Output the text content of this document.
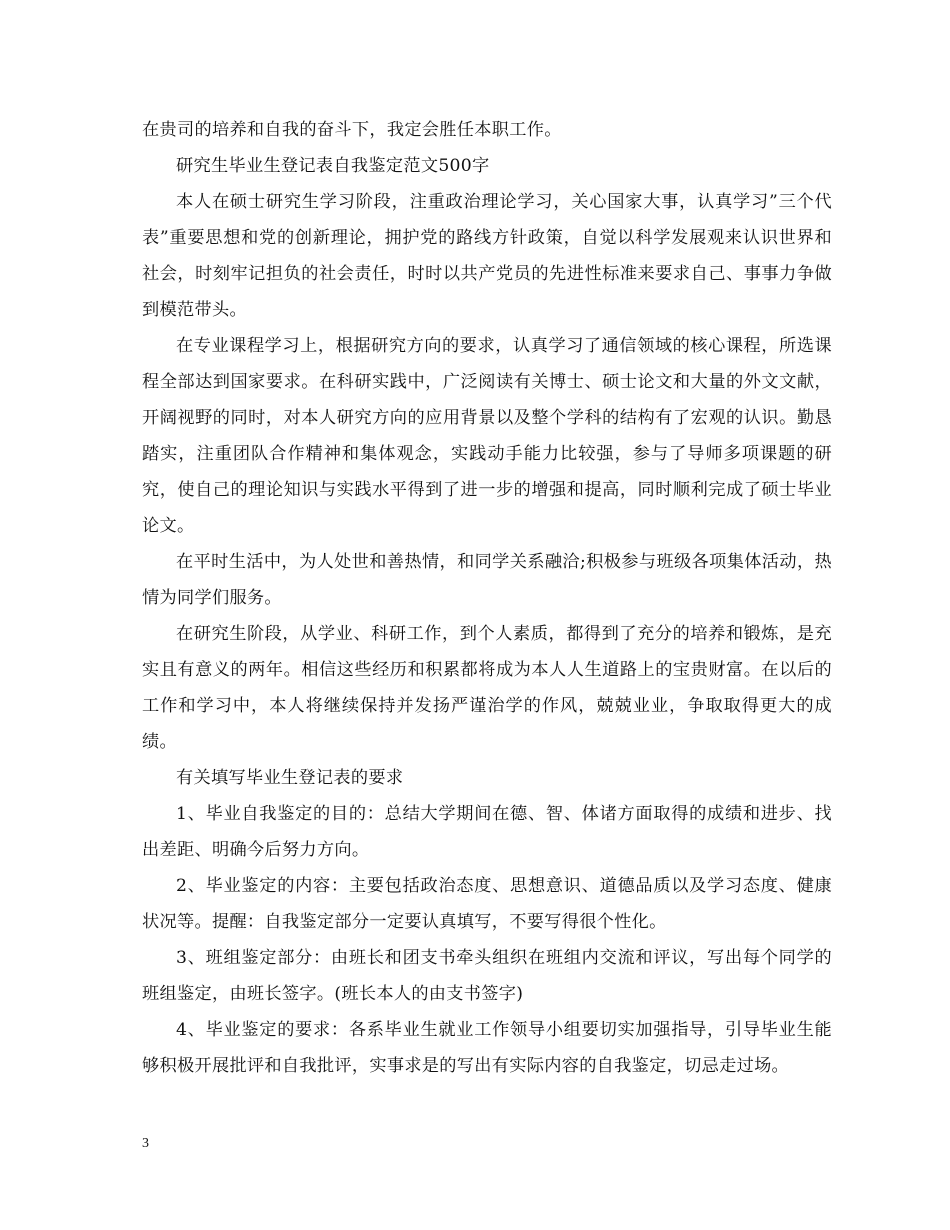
在贵司的培养和自我的奋斗下，我定会胜任本职工作。

研究生毕业生登记表自我鉴定范文500字

本人在硕士研究生学习阶段，注重政治理论学习，关心国家大事，认真学习”三个代表”重要思想和党的创新理论，拥护党的路线方针政策，自觉以科学发展观来认识世界和社会，时刻牢记担负的社会责任，时时以共产党员的先进性标准来要求自己、事事力争做到模范带头。

在专业课程学习上，根据研究方向的要求，认真学习了通信领域的核心课程，所选课程全部达到国家要求。在科研实践中，广泛阅读有关博士、硕士论文和大量的外文文献，开阔视野的同时，对本人研究方向的应用背景以及整个学科的结构有了宏观的认识。勤恳踏实，注重团队合作精神和集体观念，实践动手能力比较强，参与了导师多项课题的研究，使自己的理论知识与实践水平得到了进一步的增强和提高，同时顺利完成了硕士毕业论文。

在平时生活中，为人处世和善热情，和同学关系融洽;积极参与班级各项集体活动，热情为同学们服务。

在研究生阶段，从学业、科研工作，到个人素质，都得到了充分的培养和锻炼，是充实且有意义的两年。相信这些经历和积累都将成为本人人生道路上的宝贵财富。在以后的工作和学习中，本人将继续保持并发扬严谨治学的作风，兢兢业业，争取取得更大的成绩。

有关填写毕业生登记表的要求

1、毕业自我鉴定的目的：总结大学期间在德、智、体诸方面取得的成绩和进步、找出差距、明确今后努力方向。

2、毕业鉴定的内容：主要包括政治态度、思想意识、道德品质以及学习态度、健康状况等。提醒：自我鉴定部分一定要认真填写，不要写得很个性化。

3、班组鉴定部分：由班长和团支书牵头组织在班组内交流和评议，写出每个同学的班组鉴定，由班长签字。(班长本人的由支书签字)

4、毕业鉴定的要求：各系毕业生就业工作领导小组要切实加强指导，引导毕业生能够积极开展批评和自我批评，实事求是的写出有实际内容的自我鉴定，切忌走过场。

3
